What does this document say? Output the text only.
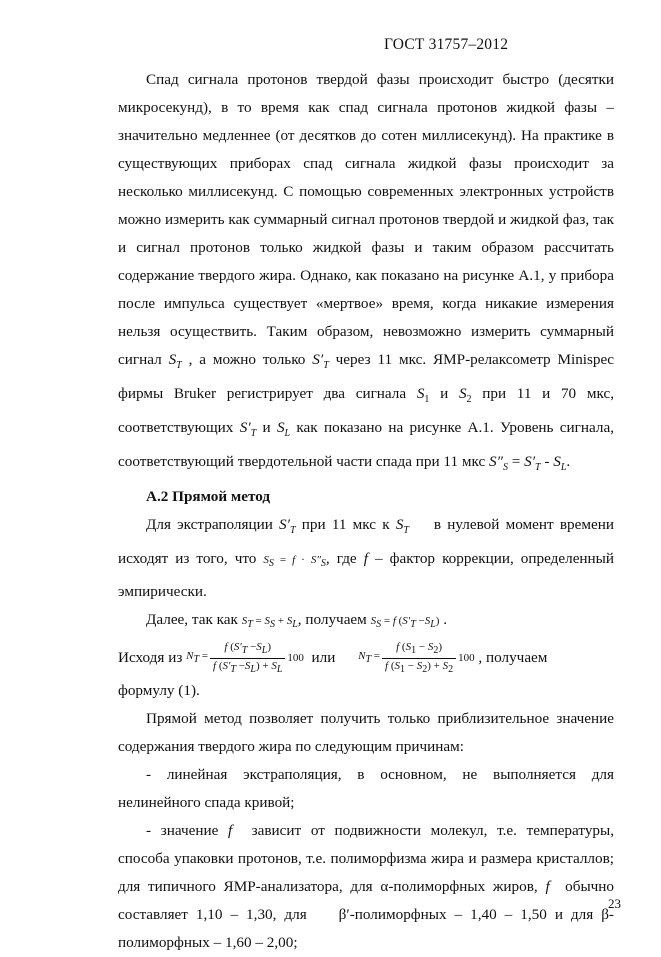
ГОСТ 31757–2012

Спад сигнала протонов твердой фазы происходит быстро (десятки микросекунд), в то время как спад сигнала протонов жидкой фазы – значительно медленнее (от десятков до сотен миллисекунд). На практике в существующих приборах спад сигнала жидкой фазы происходит за несколько миллисекунд. С помощью современных электронных устройств можно измерить как суммарный сигнал протонов твердой и жидкой фаз, так и сигнал протонов только жидкой фазы и таким образом рассчитать содержание твердого жира. Однако, как показано на рисунке А.1, у прибора после импульса существует «мертвое» время, когда никакие измерения нельзя осуществить. Таким образом, невозможно измерить суммарный сигнал $S_T$ , а можно только $S'_T$ через 11 мкс. ЯМР-релаксометр Minispec фирмы Bruker регистрирует два сигнала $S_1$ и $S_2$ при 11 и 70 мкс, соответствующих $S'_T$ и $S_L$ как показано на рисунке А.1. Уровень сигнала, соответствующий твердотельной части спада при 11 мкс $S''_S = S'_T - S_L$.

А.2 Прямой метод

Для экстраполяции $S'_T$ при 11 мкс к $S_T$ в нулевой момент времени исходят из того, что $S_S = f \cdot S''_S$, где f – фактор коррекции, определенный эмпирически.

Далее, так как $S_T = S_S + S_L$, получаем $S_S = f$ $(S'_T -S_L)$ .

Исходя из
$N_T = \frac{f (S'_T -S_L)}{f (S'_T -S_L) + S_L} 100$
или
$N_T = \frac{f (S_1 - S_2)}{f (S_1 - S_2) + S_2} 100$
, получаем

формулу (1).

Прямой метод позволяет получить только приблизительное значение содержания твердого жира по следующим причинам:

- линейная экстраполяция, в основном, не выполняется для нелинейного спада кривой;

- значение f зависит от подвижности молекул, т.е. температуры, способа упаковки протонов, т.е. полиморфизма жира и размера кристаллов; для типичного ЯМР-анализатора, для α-полиморфных жиров, f обычно составляет 1,10 – 1,30, для β′-полиморфных – 1,40 – 1,50 и для β-полиморфных – 1,60 – 2,00;

23
